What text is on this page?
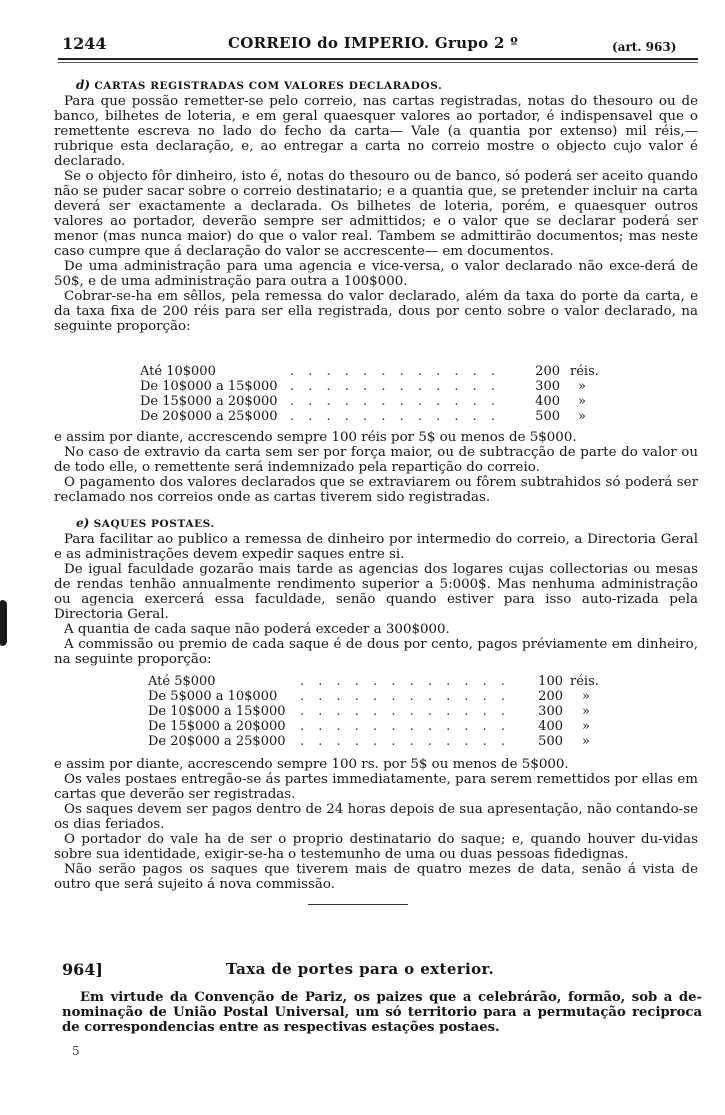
1244	CORREIO do IMPERIO. Grupo 2 º	(art. 963)

d) CARTAS REGISTRADAS COM VALORES DECLARADOS.

Para que possão remetter-se pelo correio, nas cartas registradas, notas do thesouro ou de banco, bilhetes de loteria, e em geral quaesquer valores ao portador, é indispensavel que o remettente escreva no lado do fecho da carta— Vale (a quantia por extenso) mil réis,—rubrique esta declaração, e, ao entregar a carta no correio mostre o objecto cujo valor é declarado.

Se o objecto fôr dinheiro, isto é, notas do thesouro ou de banco, só poderá ser aceito quando não se puder sacar sobre o correio destinatario; e a quantia que, se pretender incluir na carta deverá ser exactamente a declarada. Os bilhetes de loteria, porém, e quaesquer outros valores ao portador, deverão sempre ser admittidos; e o valor que se declarar poderá ser menor (mas nunca maior) do que o valor real. Tambem se admittirão documentos; mas neste caso cumpre que á declaração do valor se accrescente— em documentos.

De uma administração para uma agencia e vice-versa, o valor declarado não exce-derá de 50$, e de uma administração para outra a 100$000.

Cobrar-se-ha em sêllos, pela remessa do valor declarado, além da taxa do porte da carta, e da taxa fixa de 200 réis para ser ella registrada, dous por cento sobre o valor declarado, na seguinte proporção:

Até 10$000	. . . . . . . . . . . .	200 réis.
De 10$000 a 15$000 . . . . . . . . . . . .	300 »
De 15$000 a 20$000 . . . . . . . . . . . .	400 »
De 20$000 a 25$000 . . . . . . . . . . . .	500 »

e assim por diante, accrescendo sempre 100 réis por 5$ ou menos de 5$000.

No caso de extravio da carta sem ser por força maior, ou de subtracção de parte do valor ou de todo elle, o remettente será indemnizado pela repartição do correio.

O pagamento dos valores declarados que se extraviarem ou fôrem subtrahidos só poderá ser reclamado nos correios onde as cartas tiverem sido registradas.

e) SAQUES POSTAES.

Para facilitar ao publico a remessa de dinheiro por intermedio do correio, a Directoria Geral e as administrações devem expedir saques entre si.

De igual faculdade gozarão mais tarde as agencias dos logares cujas collectorias ou mesas de rendas tenhão annualmente rendimento superior a 5:000$. Mas nenhuma administração ou agencia exercerá essa faculdade, senão quando estiver para isso auto-rizada pela Directoria Geral.

A quantia de cada saque não poderá exceder a 300$000.

A commissão ou premio de cada saque é de dous por cento, pagos préviamente em dinheiro, na seguinte proporção:

Até 5$000	. . . . . . . . . . . .	100 réis.
De 5$000 a 10$000 . . . . . . . . . . . .	200 »
De 10$000 a 15$000 . . . . . . . . . . . .	300 »
De 15$000 a 20$000 . . . . . . . . . . . .	400 »
De 20$000 a 25$000 . . . . . . . . . . . .	500 »

e assim por diante, accrescendo sempre 100 rs. por 5$ ou menos de 5$000.

Os vales postaes entregão-se ás partes immediatamente, para serem remettidos por ellas em cartas que deverão ser registradas.

Os saques devem ser pagos dentro de 24 horas depois de sua apresentação, não contando-se os dias feriados.

O portador do vale ha de ser o proprio destinatario do saque; e, quando houver du-vidas sobre sua identidade, exigir-se-ha o testemunho de uma ou duas pessoas fidedignas.

Não serão pagos os saques que tiverem mais de quatro mezes de data, senão á vista de outro que será sujeito á nova commissão.

964]	Taxa de portes para o exterior.

Em virtude da Convenção de Pariz, os paizes que a celebrárão, formão, sob a de-nominação de União Postal Universal, um só territorio para a permutação reciproca de correspondencias entre as respectivas estações postaes.

5
